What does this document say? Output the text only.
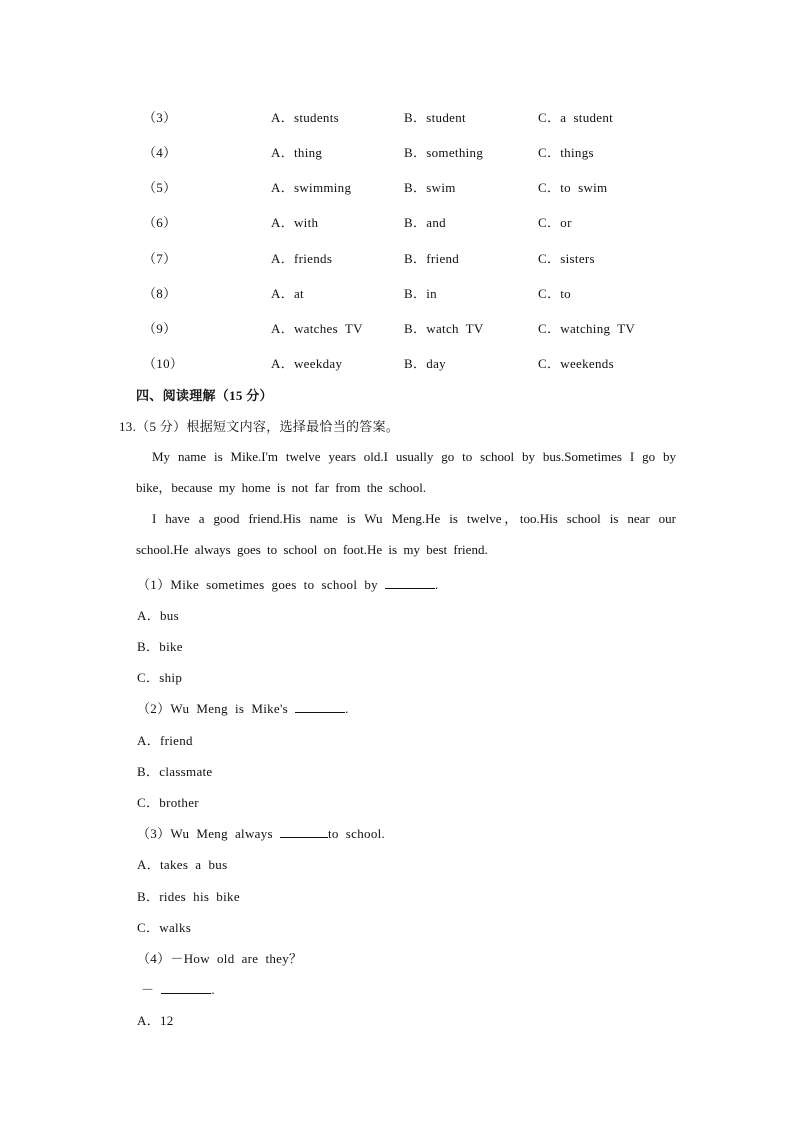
（3）	A．students	B．student	C．a  student
（4）	A．thing	B．something	C．things
（5）	A．swimming	B．swim	C．to  swim
（6）	A．with	B．and	C．or
（7）	A．friends	B．friend	C．sisters
（8）	A．at	B．in	C．to
（9）	A．watches  TV	B．watch  TV	C．watching  TV
（10）	A．weekday	B．day	C．weekends
四、阅读理解（15 分）
13.（5 分）根据短文内容，选择最恰当的答案。
My name is Mike.I'm twelve years old.I usually go to school by bus.Sometimes I go by bike，because my home is not far from the school.
I have a good friend.His name is Wu Meng.He is twelve，too.His school is near our school.He always goes to school on foot.He is my best friend.
（1）Mike  sometimes  goes  to  school  by	.
A．bus
B．bike
C．ship
（2）Wu  Meng  is  Mike's	.
A．friend
B．classmate
C．brother
（3）Wu  Meng  always	to  school.
A．takes  a  bus
B．rides  his  bike
C．walks
（4）－How  old  are  they？
－	.
A．12
